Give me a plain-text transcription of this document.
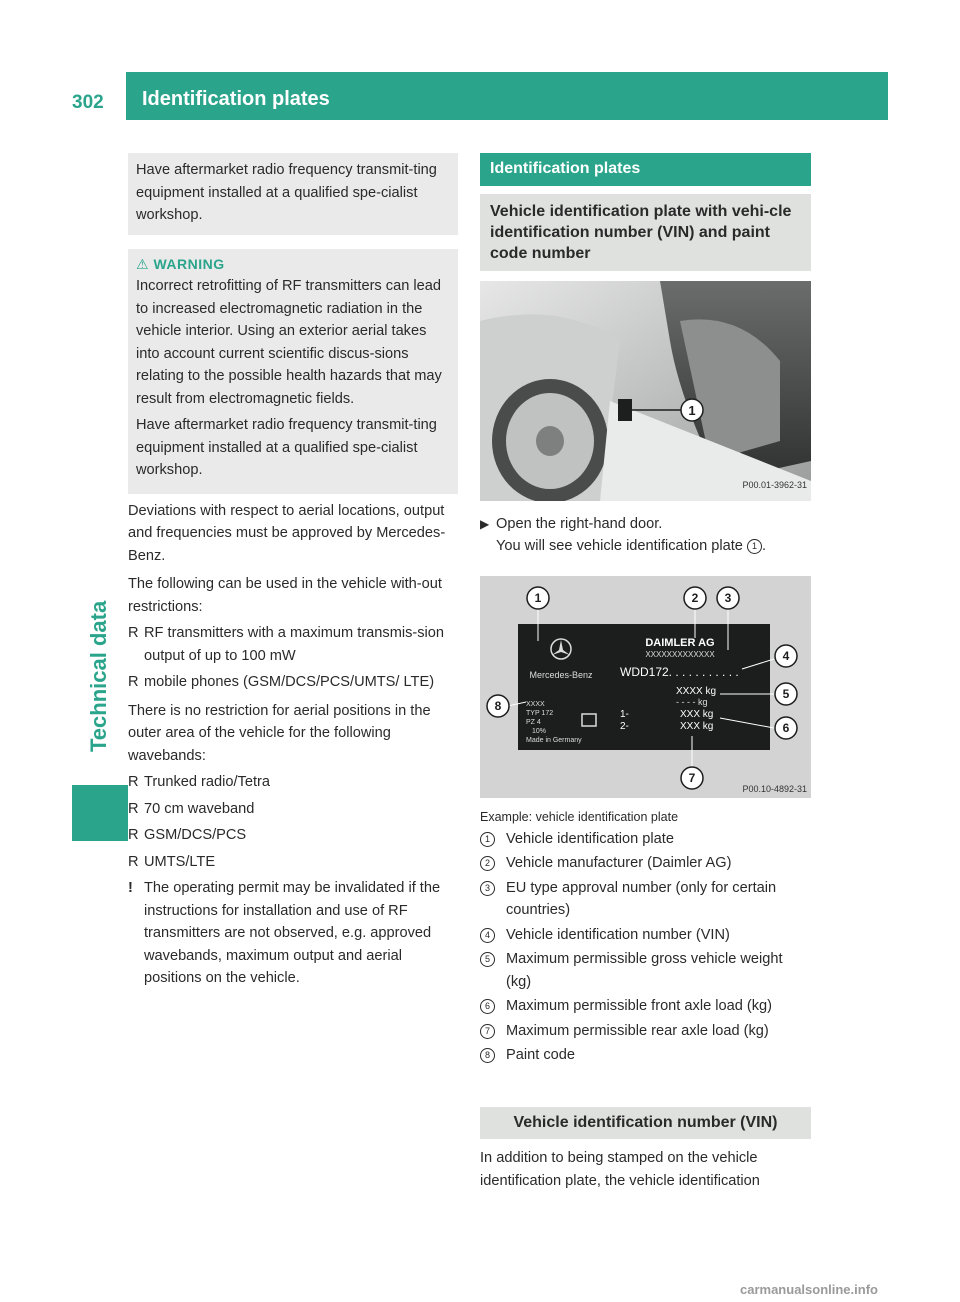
302	Identification plates
Technical data

Have aftermarket radio frequency transmit-ting equipment installed at a qualified spe-cialist workshop.

⚠ WARNING

Incorrect retrofitting of RF transmitters can lead to increased electromagnetic radiation in the vehicle interior. Using an exterior aerial takes into account current scientific discus-sions relating to the possible health hazards that may result from electromagnetic fields.

Have aftermarket radio frequency transmit-ting equipment installed at a qualified spe-cialist workshop.

Deviations with respect to aerial locations, output and frequencies must be approved by Mercedes-Benz.

The following can be used in the vehicle with-out restrictions:

R RF transmitters with a maximum transmis-sion output of up to 100 mW
R mobile phones (GSM/DCS/PCS/UMTS/ LTE)

There is no restriction for aerial positions in the outer area of the vehicle for the following wavebands:

R Trunked radio/Tetra
R 70 cm waveband
R GSM/DCS/PCS
R UMTS/LTE
! The operating permit may be invalidated if the instructions for installation and use of RF transmitters are not observed, e.g. approved wavebands, maximum output and aerial positions on the vehicle.
Identification plates
Vehicle identification plate with vehi-cle identification number (VIN) and paint code number
1
P00.01-3962-31
▶ Open the right-hand door.
You will see vehicle identification plate 1 .
Mercedes-Benz
DAIMLER AG
XXXXXXXXXXXXX
WDD172. . . . . . . . . . .
XXXX kg
- - - - kg
1-
2-
XXX kg
XXX kg
XXXX
TYP 172
PZ 4
10%
Made in Germany
1	2 3
4
5
6
7
8
P00.10-4892-31
Example: vehicle identification plate
1	Vehicle identification plate
2	Vehicle manufacturer (Daimler AG)
3	EU type approval number (only for certain countries)
4	Vehicle identification number (VIN)
5	Maximum permissible gross vehicle weight (kg)
6	Maximum permissible front axle load (kg)
7	Maximum permissible rear axle load (kg)
8	Paint code
Vehicle identification number (VIN)

In addition to being stamped on the vehicle identification plate, the vehicle identification

carmanualsonline.info
